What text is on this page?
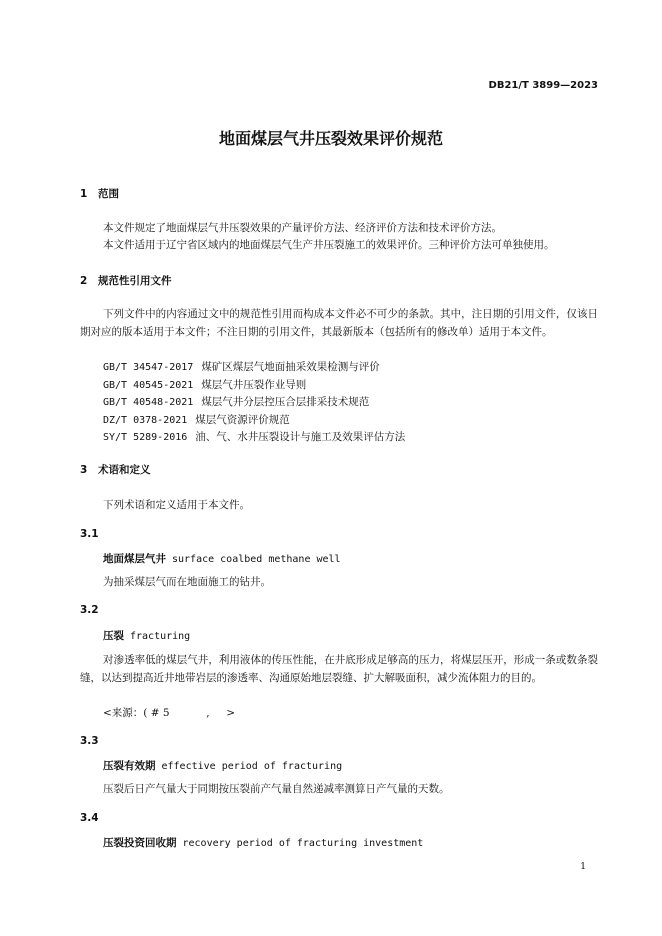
DB21/T 3899—2023
地面煤层气井压裂效果评价规范
1 范围
本文件规定了地面煤层气井压裂效果的产量评价方法、经济评价方法和技术评价方法。
本文件适用于辽宁省区域内的地面煤层气生产井压裂施工的效果评价。三种评价方法可单独使用。
2 规范性引用文件
下列文件中的内容通过文中的规范性引用而构成本文件必不可少的条款。其中，注日期的引用文件，仅该日期对应的版本适用于本文件；不注日期的引用文件，其最新版本（包括所有的修改单）适用于本文件。
GB/T 34547-2017 煤矿区煤层气地面抽采效果检测与评价
GB/T 40545-2021 煤层气井压裂作业导则
GB/T 40548-2021 煤层气井分层控压合层排采技术规范
DZ/T 0378-2021 煤层气资源评价规范
SY/T 5289-2016 油、气、水井压裂设计与施工及效果评估方法
3 术语和定义
下列术语和定义适用于本文件。
3.1
地面煤层气井 surface coalbed methane well
为抽采煤层气而在地面施工的钻井。
3.2
压裂 fracturing
对渗透率低的煤层气井，利用液体的传压性能，在井底形成足够高的压力，将煤层压开，形成一条或数条裂缝，以达到提高近井地带岩层的渗透率、沟通原始地层裂缝、扩大解吸面积，减少流体阻力的目的。
<来源：( # 5           ,     >
3.3
压裂有效期 effective period of fracturing
压裂后日产气量大于同期按压裂前产气量自然递减率测算日产气量的天数。
3.4
压裂投资回收期 recovery period of fracturing investment
1
